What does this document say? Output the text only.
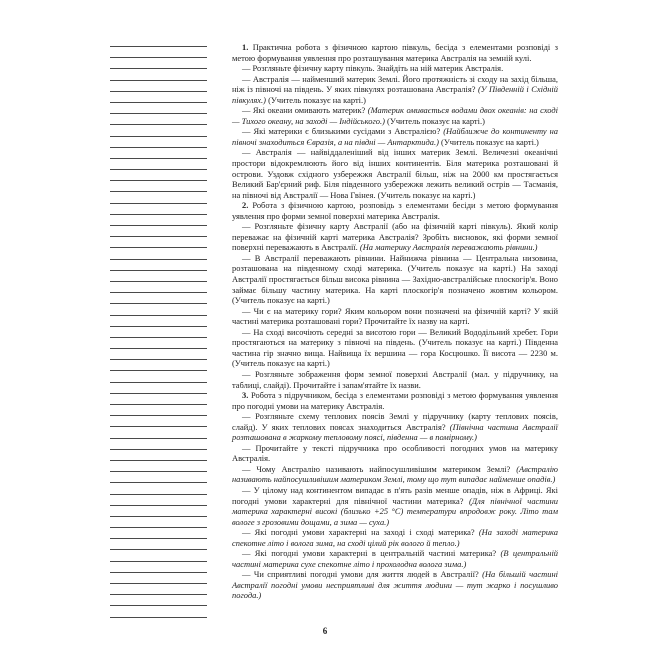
1. Практична робота з фізичною картою півкуль, бесіда з елементами розповіді з метою формування уявлення про розташування материка Австралія на земній кулі.

— Розгляньте фізичну карту півкуль. Знайдіть на ній материк Австралія.

— Австралія — найменший материк Землі. Його протяжність зі сходу на захід більша, ніж із півночі на південь. У яких півкулях розташована Австралія? (У Південній і Східній півкулях.) (Учитель показує на карті.)

— Які океани омивають материк? (Материк омивається водами двох океанів: на сході — Тихого океану, на заході — Індійського.) (Учитель показує на карті.)

— Які материки є близькими сусідами з Австралією? (Найближче до континенту на півночі знаходиться Євразія, а на півдні — Антарктида.) (Учитель показує на карті.)

— Австралія — найвіддаленіший від інших материк Землі. Величезні океанічні простори відокремлюють його від інших континентів. Біля материка розташовані й острови. Уздовж східного узбережжя Австралії більш, ніж на 2000 км простягається Великий Бар'єрний риф. Біля південного узбережжя лежить великий острів — Тасманія, на півночі від Австралії — Нова Гвінея. (Учитель показує на карті.)

2. Робота з фізичною картою, розповідь з елементами бесіди з метою формування уявлення про форми земної поверхні материка Австралія.

— Розгляньте фізичну карту Австралії (або на фізичній карті півкуль). Який колір переважає на фізичній карті материка Австралія? Зробіть висновок, які форми земної поверхні переважають в Австралії. (На материку Австралія переважають рівнини.)

— В Австралії переважають рівнини. Найнижча рівнина — Центральна низовина, розташована на південному сході материка. (Учитель показує на карті.) На заході Австралії простягається більш висока рівнина — Західно-австралійське плоскогір'я. Воно займає більшу частину материка. На карті плоскогір'я позначено жовтим кольором. (Учитель показує на карті.)

— Чи є на материку гори? Яким кольором вони позначені на фізичній карті? У якій частині материка розташовані гори? Прочитайте їх назву на карті.

— На сході височіють середні за висотою гори — Великий Вододільний хребет. Гори простягаються на материку з півночі на південь. (Учитель показує на карті.) Південна частина гір значно вища. Найвища їх вершина — гора Косцюшко. Її висота — 2230 м. (Учитель показує на карті.)

— Розгляньте зображення форм земної поверхні Австралії (мал. у підручнику, на таблиці, слайді). Прочитайте і запам'ятайте їх назви.

3. Робота з підручником, бесіда з елементами розповіді з метою формування уявлення про погодні умови на материку Австралія.

— Розгляньте схему теплових поясів Землі у підручнику (карту теплових поясів, слайд). У яких теплових поясах знаходиться Австралія? (Північна частина Австралії розташована в жаркому тепловому поясі, південна — в помірному.)

— Прочитайте у тексті підручника про особливості погодних умов на материку Австралія.

— Чому Австралію називають найпосушливішим материком Землі? (Австралію називають найпосушливішим материком Землі, тому що тут випадає найменше опадів.)

— У цілому над континентом випадає в п'ять разів менше опадів, ніж в Африці. Які погодні умови характерні для північної частини материка? (Для північної частини материка характерні високі (близько +25 °С) температури впродовж року. Літо там вологе з грозовими дощами, а зима — суха.)

— Які погодні умови характерні на заході і сході материка? (На заході материка спекотне літо і волога зима, на сході цілий рік волого й тепло.)

— Які погодні умови характерні в центральній частині материка? (В центральній частині материка сухе спекотне літо і прохолодна волога зима.)

— Чи сприятливі погодні умови для життя людей в Австралії? (На більшій частині Австралії погодні умови несприятливі для життя людини — тут жарко і посушливо погода.)

6
